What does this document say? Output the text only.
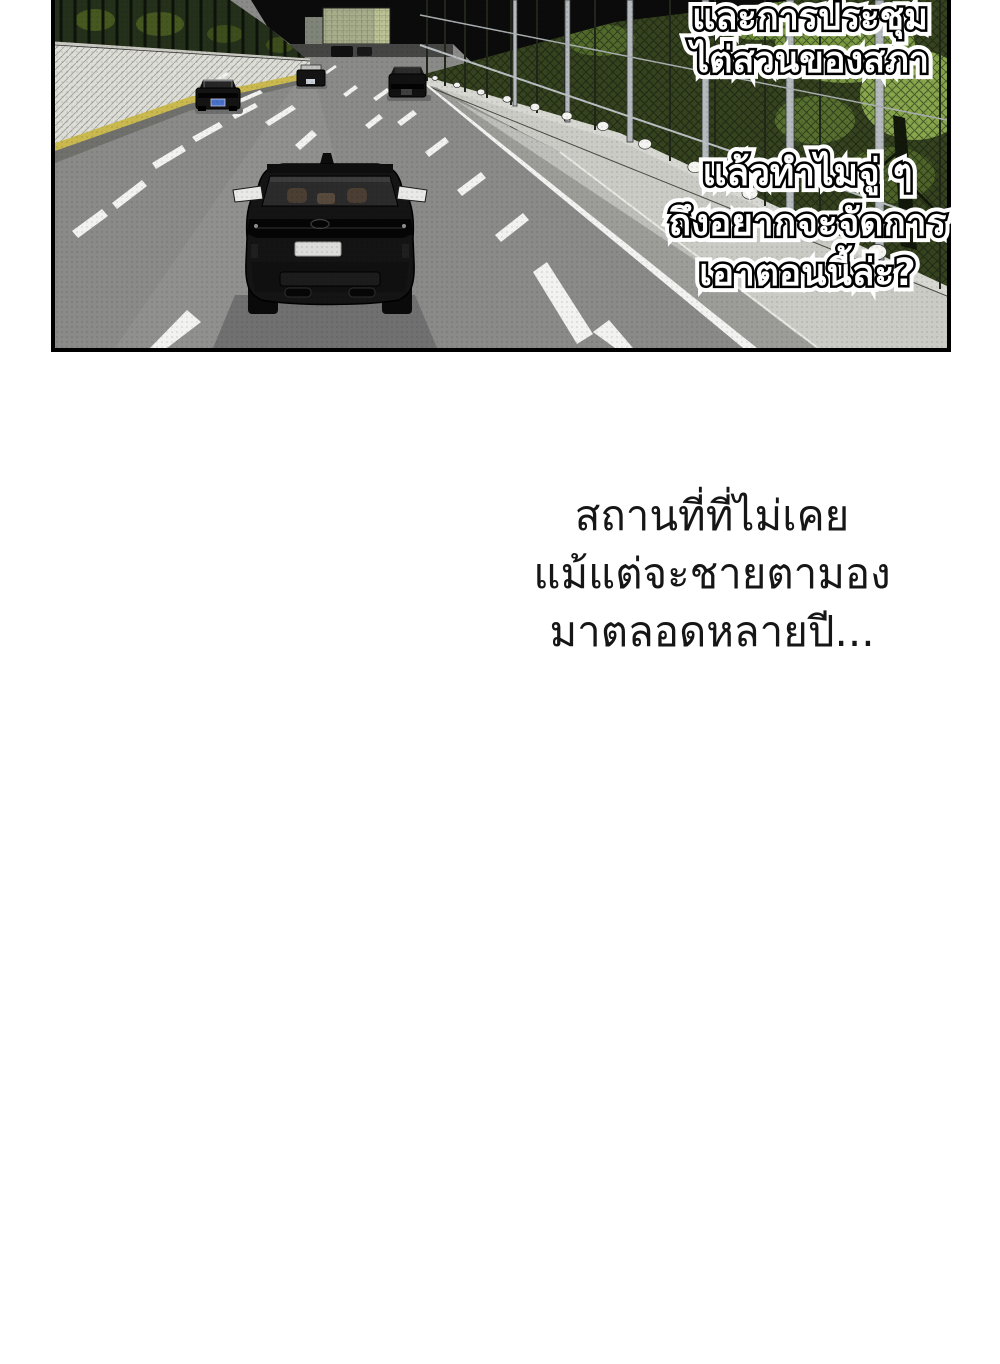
และการประชุม และการประชุม
ไต่สวนของสภา ไต่สวนของสภา
แล้วทำไมจู่ ๆ แล้วทำไมจู่ ๆ
ถึงอยากจะจัดการ ถึงอยากจะจัดการ
เอาตอนนี้ล่ะ? เอาตอนนี้ล่ะ?
สถานที่ที่ไม่เคย
แม้แต่จะชายตามอง
มาตลอดหลายปี...
